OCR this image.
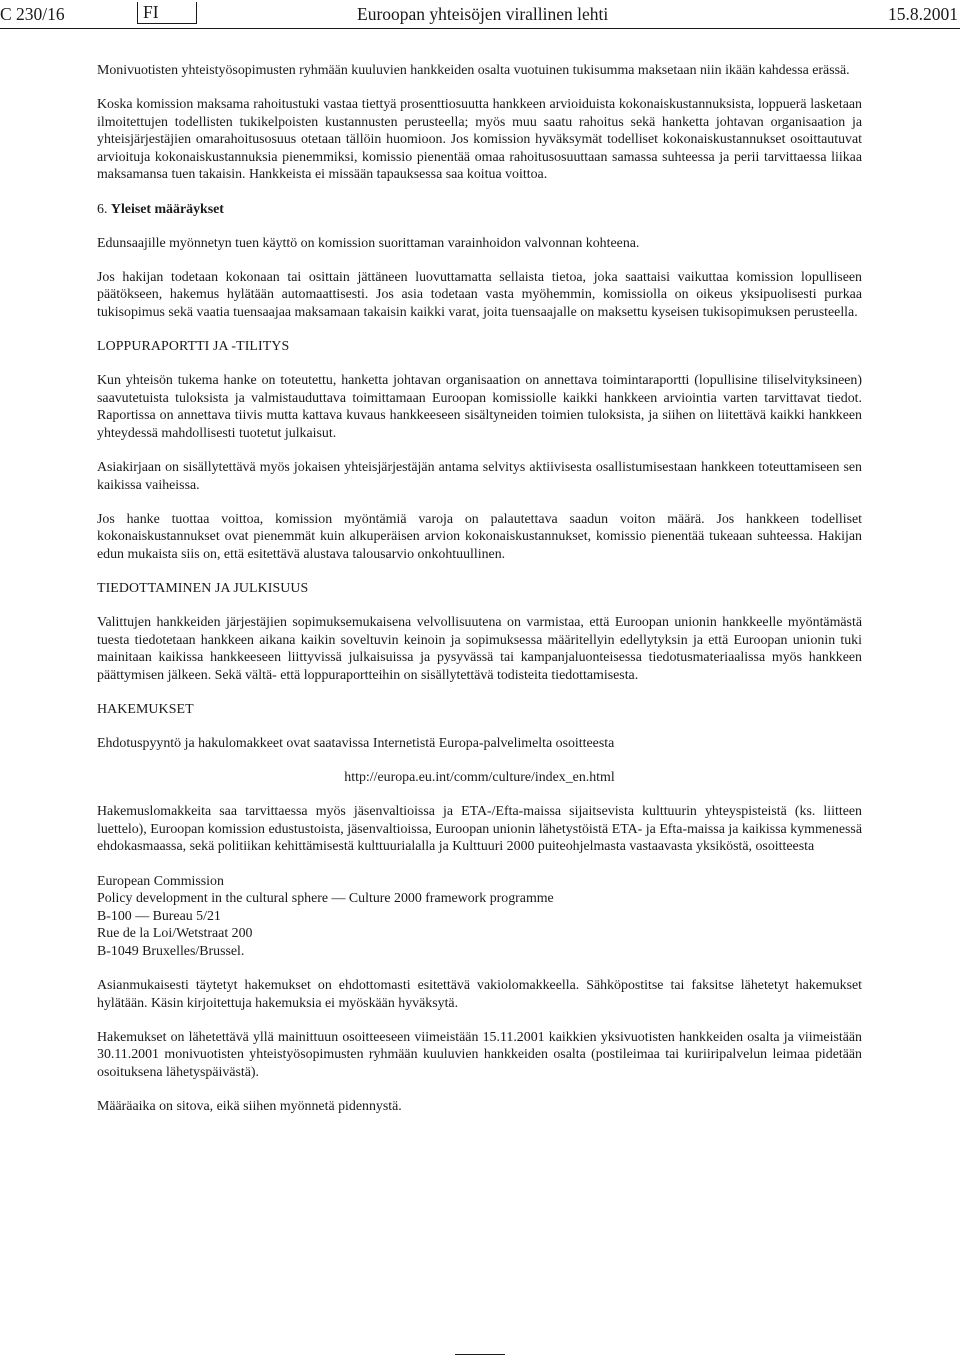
C 230/16	FI	Euroopan yhteisöjen virallinen lehti	15.8.2001

Monivuotisten yhteistyösopimusten ryhmään kuuluvien hankkeiden osalta vuotuinen tukisumma maksetaan niin ikään kahdessa erässä.

Koska komission maksama rahoitustuki vastaa tiettyä prosenttiosuutta hankkeen arvioiduista kokonaiskustannuksista, loppuerä lasketaan ilmoitettujen todellisten tukikelpoisten kustannusten perusteella; myös muu saatu rahoitus sekä hanketta johtavan organisaation ja yhteisjärjestäjien omarahoitusosuus otetaan tällöin huomioon. Jos komission hyväksymät todelliset kokonaiskustannukset osoittautuvat arvioituja kokonaiskustannuksia pienemmiksi, komissio pienentää omaa rahoitusosuuttaan samassa suhteessa ja perii tarvittaessa liikaa maksamansa tuen takaisin. Hankkeista ei missään tapauksessa saa koitua voittoa.

6. Yleiset määräykset

Edunsaajille myönnetyn tuen käyttö on komission suorittaman varainhoidon valvonnan kohteena.

Jos hakijan todetaan kokonaan tai osittain jättäneen luovuttamatta sellaista tietoa, joka saattaisi vaikuttaa komission lopulliseen päätökseen, hakemus hylätään automaattisesti. Jos asia todetaan vasta myöhemmin, komissiolla on oikeus yksipuolisesti purkaa tukisopimus sekä vaatia tuensaajaa maksamaan takaisin kaikki varat, joita tuensaajalle on maksettu kyseisen tukisopimuksen perusteella.

LOPPURAPORTTI JA -TILITYS

Kun yhteisön tukema hanke on toteutettu, hanketta johtavan organisaation on annettava toimintaraportti (lopullisine tiliselvityksineen) saavutetuista tuloksista ja valmistauduttava toimittamaan Euroopan komissiolle kaikki hankkeen arviointia varten tarvittavat tiedot. Raportissa on annettava tiivis mutta kattava kuvaus hankkeeseen sisältyneiden toimien tuloksista, ja siihen on liitettävä kaikki hankkeen yhteydessä mahdollisesti tuotetut julkaisut.

Asiakirjaan on sisällytettävä myös jokaisen yhteisjärjestäjän antama selvitys aktiivisesta osallistumisestaan hankkeen toteuttamiseen sen kaikissa vaiheissa.

Jos hanke tuottaa voittoa, komission myöntämiä varoja on palautettava saadun voiton määrä. Jos hankkeen todelliset kokonaiskustannukset ovat pienemmät kuin alkuperäisen arvion kokonaiskustannukset, komissio pienentää tukeaan suhteessa. Hakijan edun mukaista siis on, että esitettävä alustava talousarvio onkohtuullinen.

TIEDOTTAMINEN JA JULKISUUS

Valittujen hankkeiden järjestäjien sopimuksemukaisena velvollisuutena on varmistaa, että Euroopan unionin hankkeelle myöntämästä tuesta tiedotetaan hankkeen aikana kaikin soveltuvin keinoin ja sopimuksessa määritellyin edellytyksin ja että Euroopan unionin tuki mainitaan kaikissa hankkeeseen liittyvissä julkaisuissa ja pysyvässä tai kampanjaluonteisessa tiedotusmateriaalissa myös hankkeen päättymisen jälkeen. Sekä vältä- että loppuraportteihin on sisällytettävä todisteita tiedottamisesta.

HAKEMUKSET

Ehdotuspyyntö ja hakulomakkeet ovat saatavissa Internetistä Europa-palvelimelta osoitteesta

http://europa.eu.int/comm/culture/index_en.html

Hakemuslomakkeita saa tarvittaessa myös jäsenvaltioissa ja ETA-/Efta-maissa sijaitsevista kulttuurin yhteyspisteistä (ks. liitteen luettelo), Euroopan komission edustustoista, jäsenvaltioissa, Euroopan unionin lähetystöistä ETA- ja Efta-maissa ja kaikissa kymmenessä ehdokasmaassa, sekä politiikan kehittämisestä kulttuurialalla ja Kulttuuri 2000 puiteohjelmasta vastaavasta yksiköstä, osoitteesta

European Commission
Policy development in the cultural sphere — Culture 2000 framework programme
B-100 — Bureau 5/21
Rue de la Loi/Wetstraat 200
B-1049 Bruxelles/Brussel.

Asianmukaisesti täytetyt hakemukset on ehdottomasti esitettävä vakiolomakkeella. Sähköpostitse tai faksitse lähetetyt hakemukset hylätään. Käsin kirjoitettuja hakemuksia ei myöskään hyväksytä.

Hakemukset on lähetettävä yllä mainittuun osoitteeseen viimeistään 15.11.2001 kaikkien yksivuotisten hankkeiden osalta ja viimeistään 30.11.2001 monivuotisten yhteistyösopimusten ryhmään kuuluvien hankkeiden osalta (postileimaa tai kuriiripalvelun leimaa pidetään osoituksena lähetyspäivästä).

Määräaika on sitova, eikä siihen myönnetä pidennystä.
